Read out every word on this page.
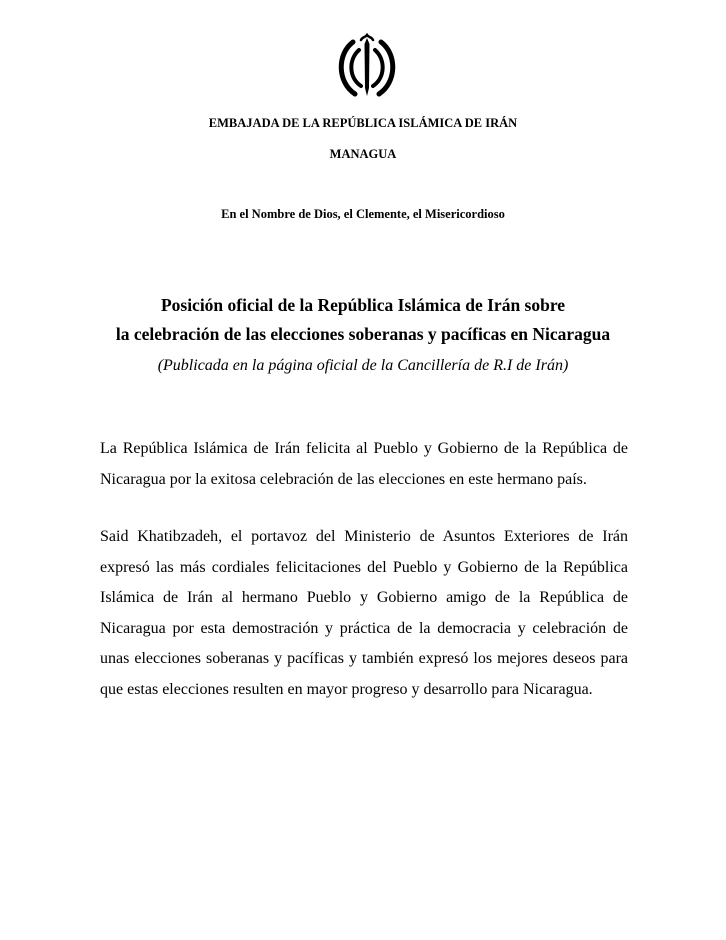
EMBAJADA DE LA REPÚBLICA ISLÁMICA DE IRÁN
MANAGUA
En el Nombre de Dios, el Clemente, el Misericordioso
Posición oficial de la República Islámica de Irán sobre
la celebración de las elecciones soberanas y pacíficas en Nicaragua
(Publicada en la página oficial de la Cancillería de R.I de Irán)

La República Islámica de Irán felicita al Pueblo y Gobierno de la República de Nicaragua por la exitosa celebración de las elecciones en este hermano país.

Said Khatibzadeh, el portavoz del Ministerio de Asuntos Exteriores de Irán expresó las más cordiales felicitaciones del Pueblo y Gobierno de la República Islámica de Irán al hermano Pueblo y Gobierno amigo de la República de Nicaragua por esta demostración y práctica de la democracia y celebración de unas elecciones soberanas y pacíficas y también expresó los mejores deseos para que estas elecciones resulten en mayor progreso y desarrollo para Nicaragua.
